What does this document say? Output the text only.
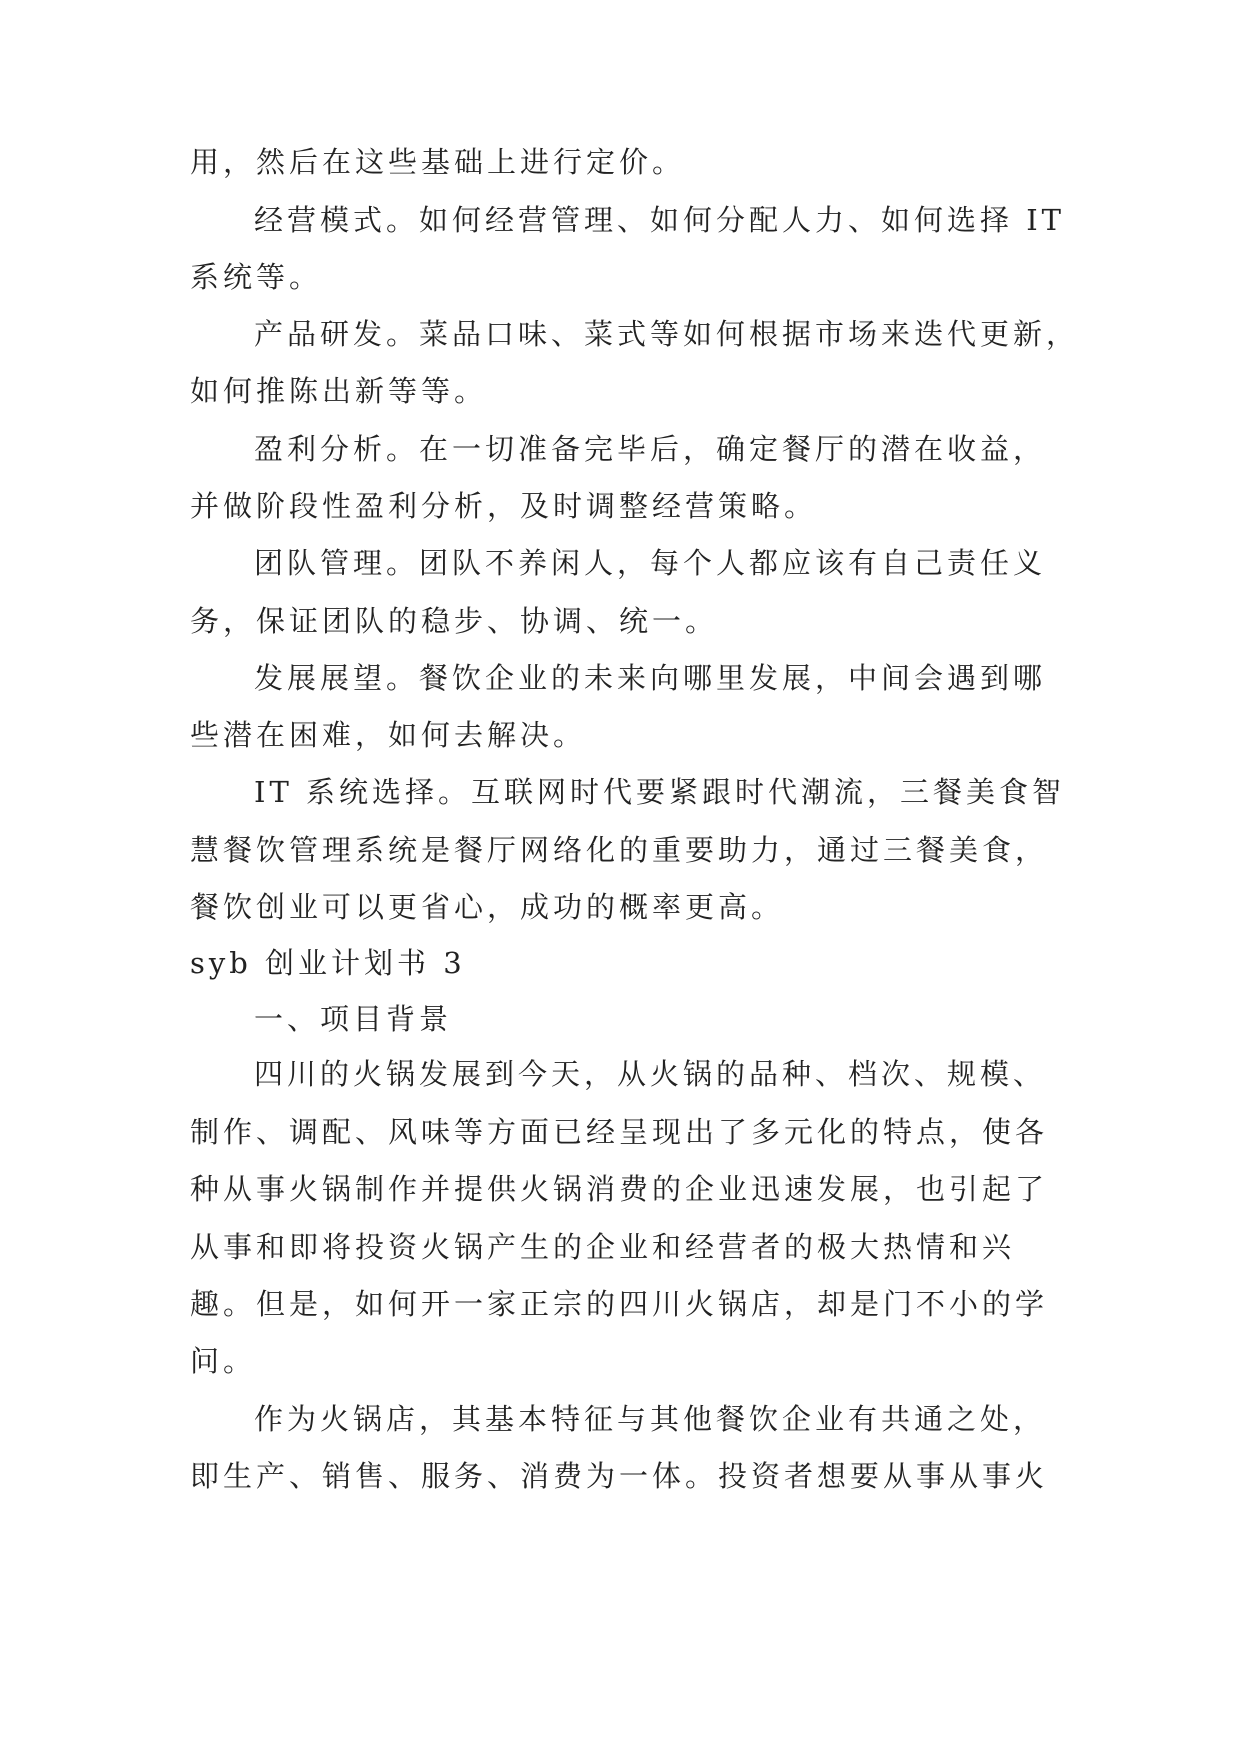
用，然后在这些基础上进行定价。
经营模式。如何经营管理、如何分配人力、如何选择 IT
系统等。
产品研发。菜品口味、菜式等如何根据市场来迭代更新，
如何推陈出新等等。
盈利分析。在一切准备完毕后，确定餐厅的潜在收益，
并做阶段性盈利分析，及时调整经营策略。
团队管理。团队不养闲人，每个人都应该有自己责任义
务，保证团队的稳步、协调、统一。
发展展望。餐饮企业的未来向哪里发展，中间会遇到哪
些潜在困难，如何去解决。
IT 系统选择。互联网时代要紧跟时代潮流，三餐美食智
慧餐饮管理系统是餐厅网络化的重要助力，通过三餐美食，
餐饮创业可以更省心，成功的概率更高。
syb 创业计划书 3
一、项目背景
四川的火锅发展到今天，从火锅的品种、档次、规模、
制作、调配、风味等方面已经呈现出了多元化的特点，使各
种从事火锅制作并提供火锅消费的企业迅速发展，也引起了
从事和即将投资火锅产生的企业和经营者的极大热情和兴
趣。但是，如何开一家正宗的四川火锅店，却是门不小的学
问。
作为火锅店，其基本特征与其他餐饮企业有共通之处，
即生产、销售、服务、消费为一体。投资者想要从事从事火
